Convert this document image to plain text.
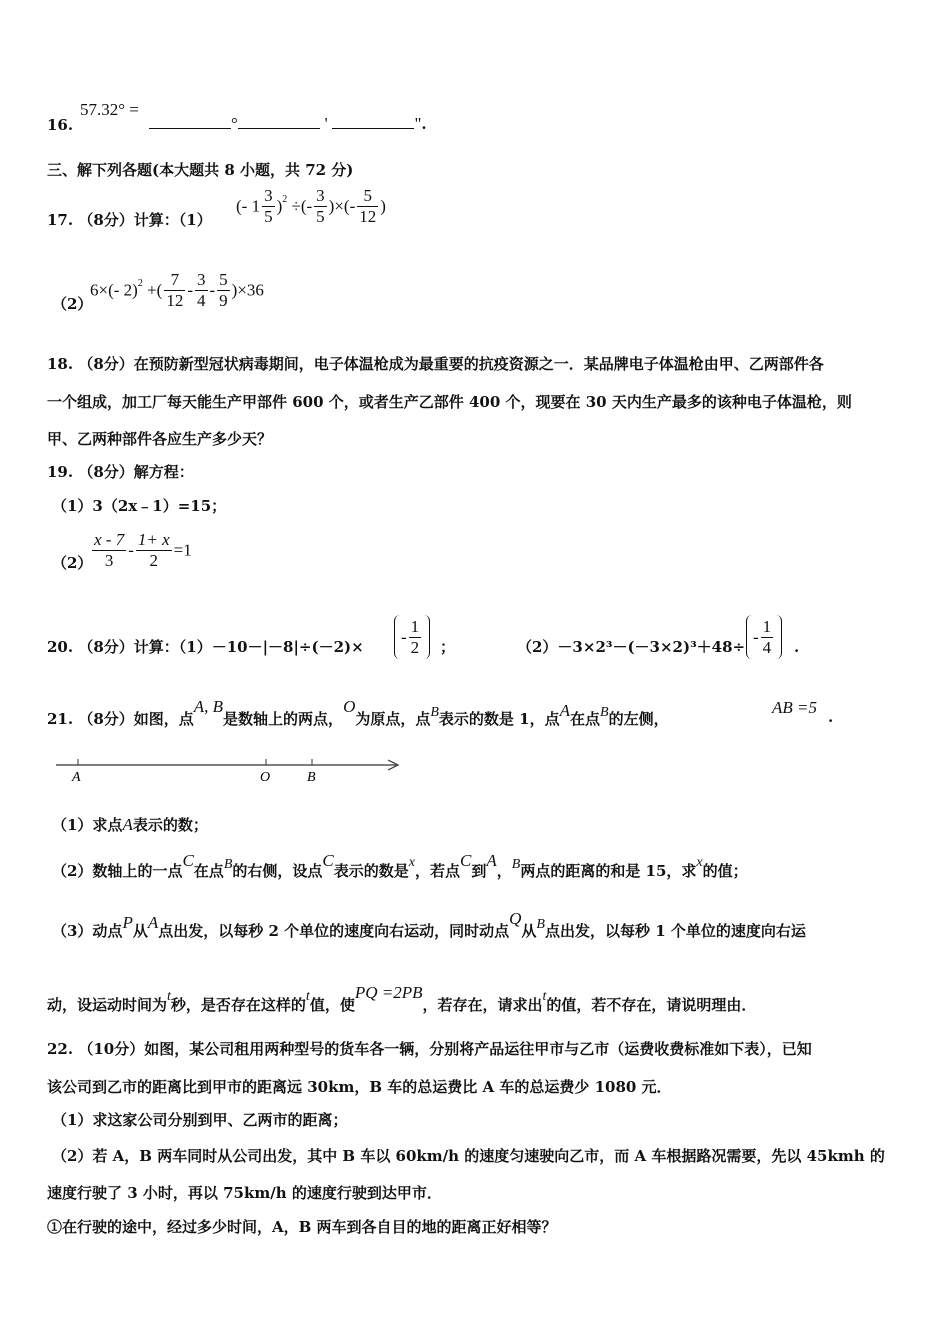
16.
57.32° =
°	'	".
三、解下列各题(本大题共 8 小题，共 72 分)
17. （8分）计算：（1）
(- $1 \frac{3}{5} )^2$ ÷(- $\frac{3}{5}$ )×(- $\frac{5}{12}$ )
（2）
6×(- 2)$^2$ +( $\frac{7}{12} - \frac{3}{4} - \frac{5}{9} )\times 36$
18. （8分）在预防新型冠状病毒期间，电子体温枪成为最重要的抗疫资源之一．某品牌电子体温枪由甲、乙两部件各
一个组成，加工厂每天能生产甲部件 600 个，或者生产乙部件 400 个，现要在 30 天内生产最多的该种电子体温枪，则
甲、乙两种部件各应生产多少天？
19. （8分）解方程：
（1）3（2x﹣1）=15；
$(2) \frac{x - 7}{3} - \frac{1+ x}{2} =1$
20. （8分）计算：（1）－10－|－8|÷(－2)×
- $\frac{1}{2}$ ；	（2）－3×2³－(－3×2)³＋48÷
- $\frac{1}{4}$ .
21. （8分）如图，点A, B是数轴上的两点，O为原点，点B表示的数是 1，点A在点B的左侧，
AB =5 .
A	O	B
（1）求点A表示的数；
（2）数轴上的一点C在点B的右侧，设点C表示的数是x，若点C到A，B两点的距离的和是 15，求x的值；
（3）动点P从A点出发，以每秒 2 个单位的速度向右运动，同时动点Q从B点出发，以每秒 1 个单位的速度向右运
动，设运动时间为t秒，是否存在这样的t值，使PQ =2PB，若存在，请求出t的值，若不存在，请说明理由．
22. （10分）如图，某公司租用两种型号的货车各一辆，分别将产品运往甲市与乙市（运费收费标准如下表），已知
该公司到乙市的距离比到甲市的距离远 30km，B 车的总运费比 A 车的总运费少 1080 元．
（1）求这家公司分别到甲、乙两市的距离；
（2）若 A，B 两车同时从公司出发，其中 B 车以 60km/h 的速度匀速驶向乙市，而 A 车根据路况需要，先以 45kmh 的
速度行驶了 3 小时，再以 75km/h 的速度行驶到达甲市．
①在行驶的途中，经过多少时间，A，B 两车到各自目的地的距离正好相等？
